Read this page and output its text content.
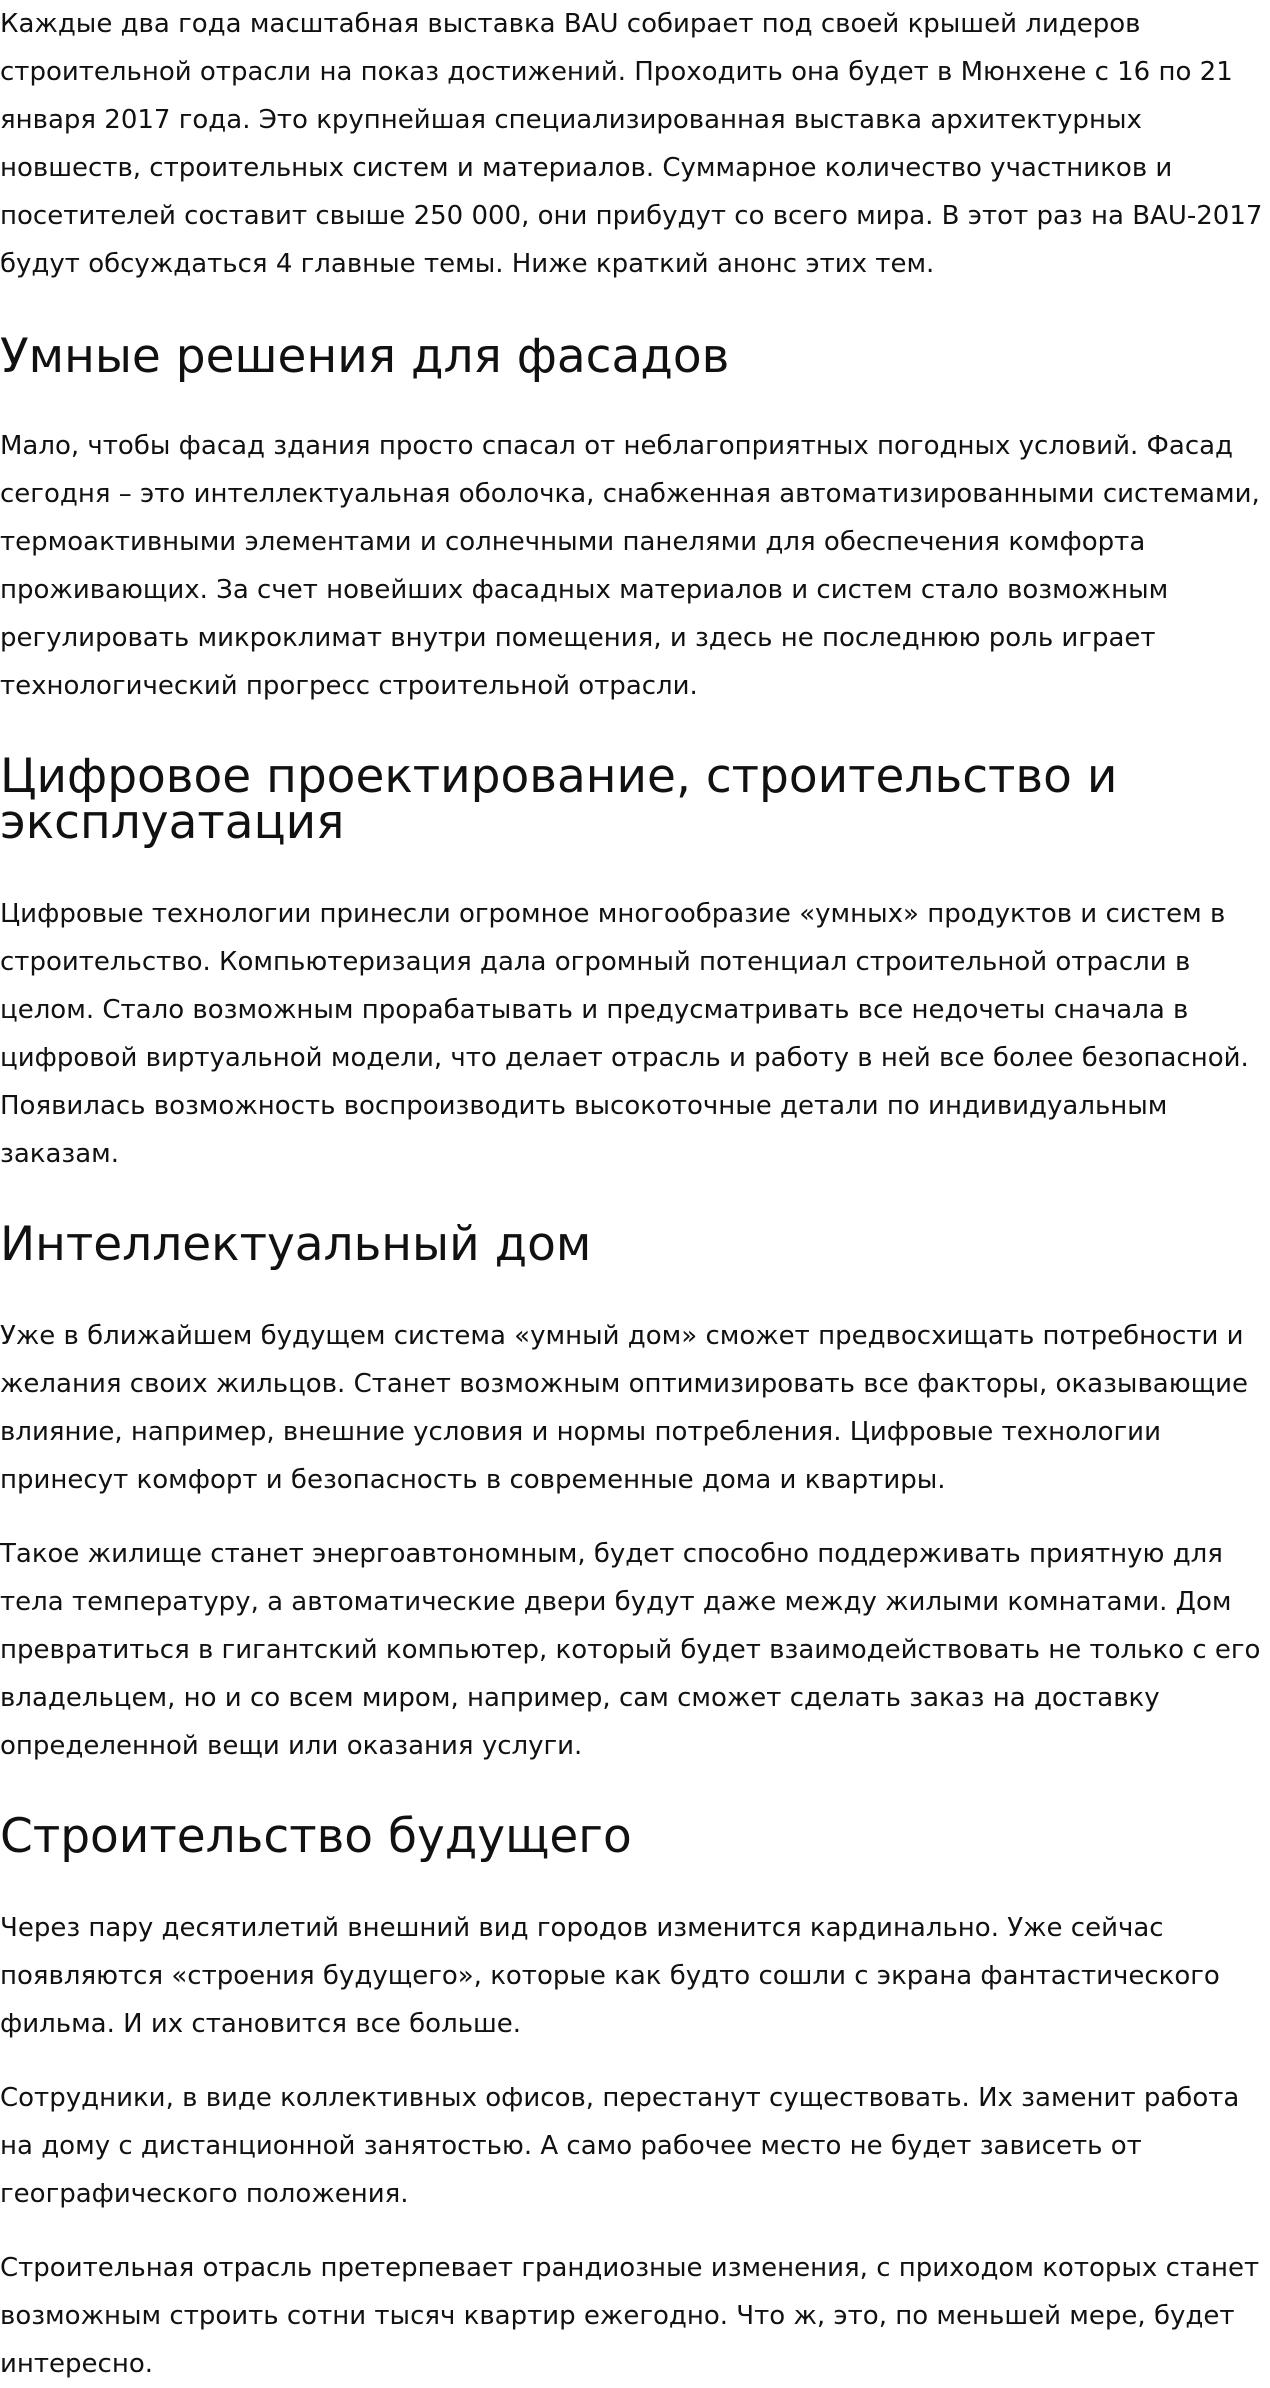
Каждые два года масштабная выставка BAU собирает под своей крышей лидеров строительной отрасли на показ достижений. Проходить она будет в Мюнхене с 16 по 21 января 2017 года. Это крупнейшая специализированная выставка архитектурных новшеств, строительных систем и материалов. Суммарное количество участников и посетителей составит свыше 250 000, они прибудут со всего мира. В этот раз на BAU-2017 будут обсуждаться 4 главные темы. Ниже краткий анонс этих тем.

Умные решения для фасадов

Мало, чтобы фасад здания просто спасал от неблагоприятных погодных условий. Фасад сегодня – это интеллектуальная оболочка, снабженная автоматизированными системами, термоактивными элементами и солнечными панелями для обеспечения комфорта проживающих. За счет новейших фасадных материалов и систем стало возможным регулировать микроклимат внутри помещения, и здесь не последнюю роль играет технологический прогресс строительной отрасли.

Цифровое проектирование, строительство и эксплуатация

Цифровые технологии принесли огромное многообразие «умных» продуктов и систем в строительство. Компьютеризация дала огромный потенциал строительной отрасли в целом. Стало возможным прорабатывать и предусматривать все недочеты сначала в цифровой виртуальной модели, что делает отрасль и работу в ней все более безопасной. Появилась возможность воспроизводить высокоточные детали по индивидуальным заказам.

Интеллектуальный дом

Уже в ближайшем будущем система «умный дом» сможет предвосхищать потребности и желания своих жильцов. Станет возможным оптимизировать все факторы, оказывающие влияние, например, внешние условия и нормы потребления. Цифровые технологии принесут комфорт и безопасность в современные дома и квартиры.

Такое жилище станет энергоавтономным, будет способно поддерживать приятную для тела температуру, а автоматические двери будут даже между жилыми комнатами. Дом превратиться в гигантский компьютер, который будет взаимодействовать не только с его владельцем, но и со всем миром, например, сам сможет сделать заказ на доставку определенной вещи или оказания услуги.

Строительство будущего

Через пару десятилетий внешний вид городов изменится кардинально. Уже сейчас появляются «строения будущего», которые как будто сошли с экрана фантастического фильма. И их становится все больше.

Сотрудники, в виде коллективных офисов, перестанут существовать. Их заменит работа на дому с дистанционной занятостью. А само рабочее место не будет зависеть от географического положения.

Строительная отрасль претерпевает грандиозные изменения, с приходом которых станет возможным строить сотни тысяч квартир ежегодно. Что ж, это, по меньшей мере, будет интересно.
